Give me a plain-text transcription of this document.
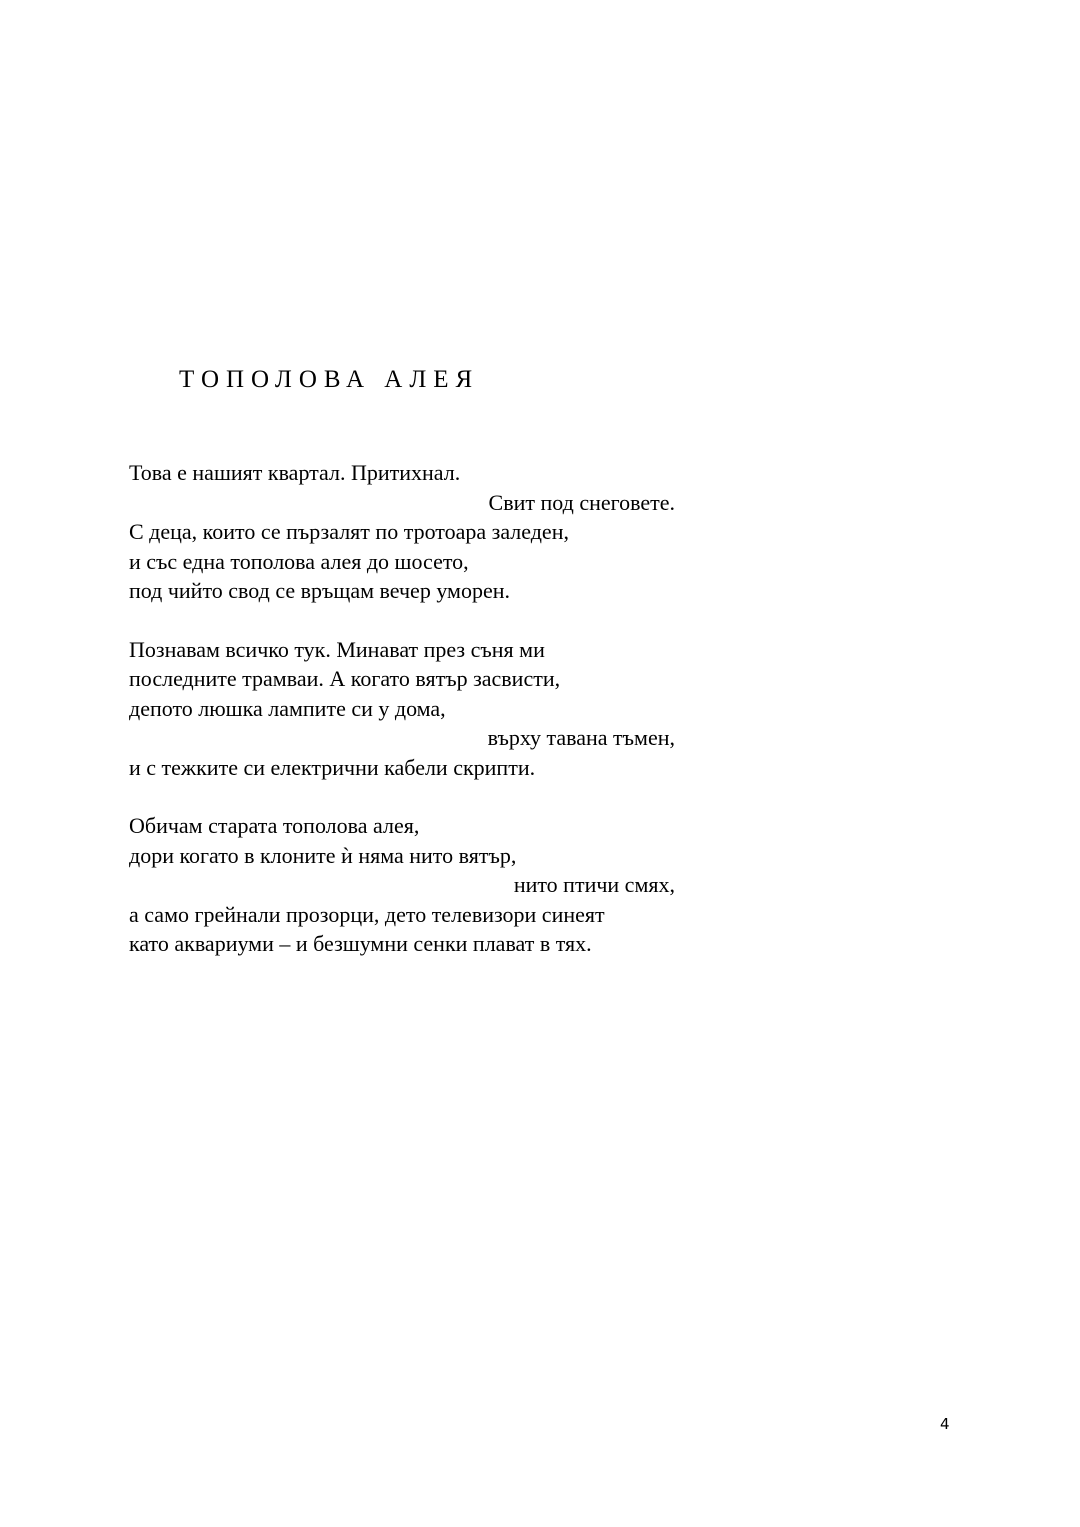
ТОПОЛОВА АЛЕЯ
Това е нашият квартал. Притихнал.
Свит под снеговете.
С деца, които се пързалят по тротоара заледен,
и със една тополова алея до шосето,
под чийто свод се връщам вечер уморен.
Познавам всичко тук. Минават през съня ми
последните трамваи. А когато вятър засвисти,
депото люшка лампите си у дома,
върху тавана тъмен,
и с тежките си електрични кабели скрипти.
Обичам старата тополова алея,
дори когато в клоните ѝ няма нито вятър,
нито птичи смях,
а само грейнали прозорци, дето телевизори синеят
като аквариуми – и безшумни сенки плават в тях.
4
